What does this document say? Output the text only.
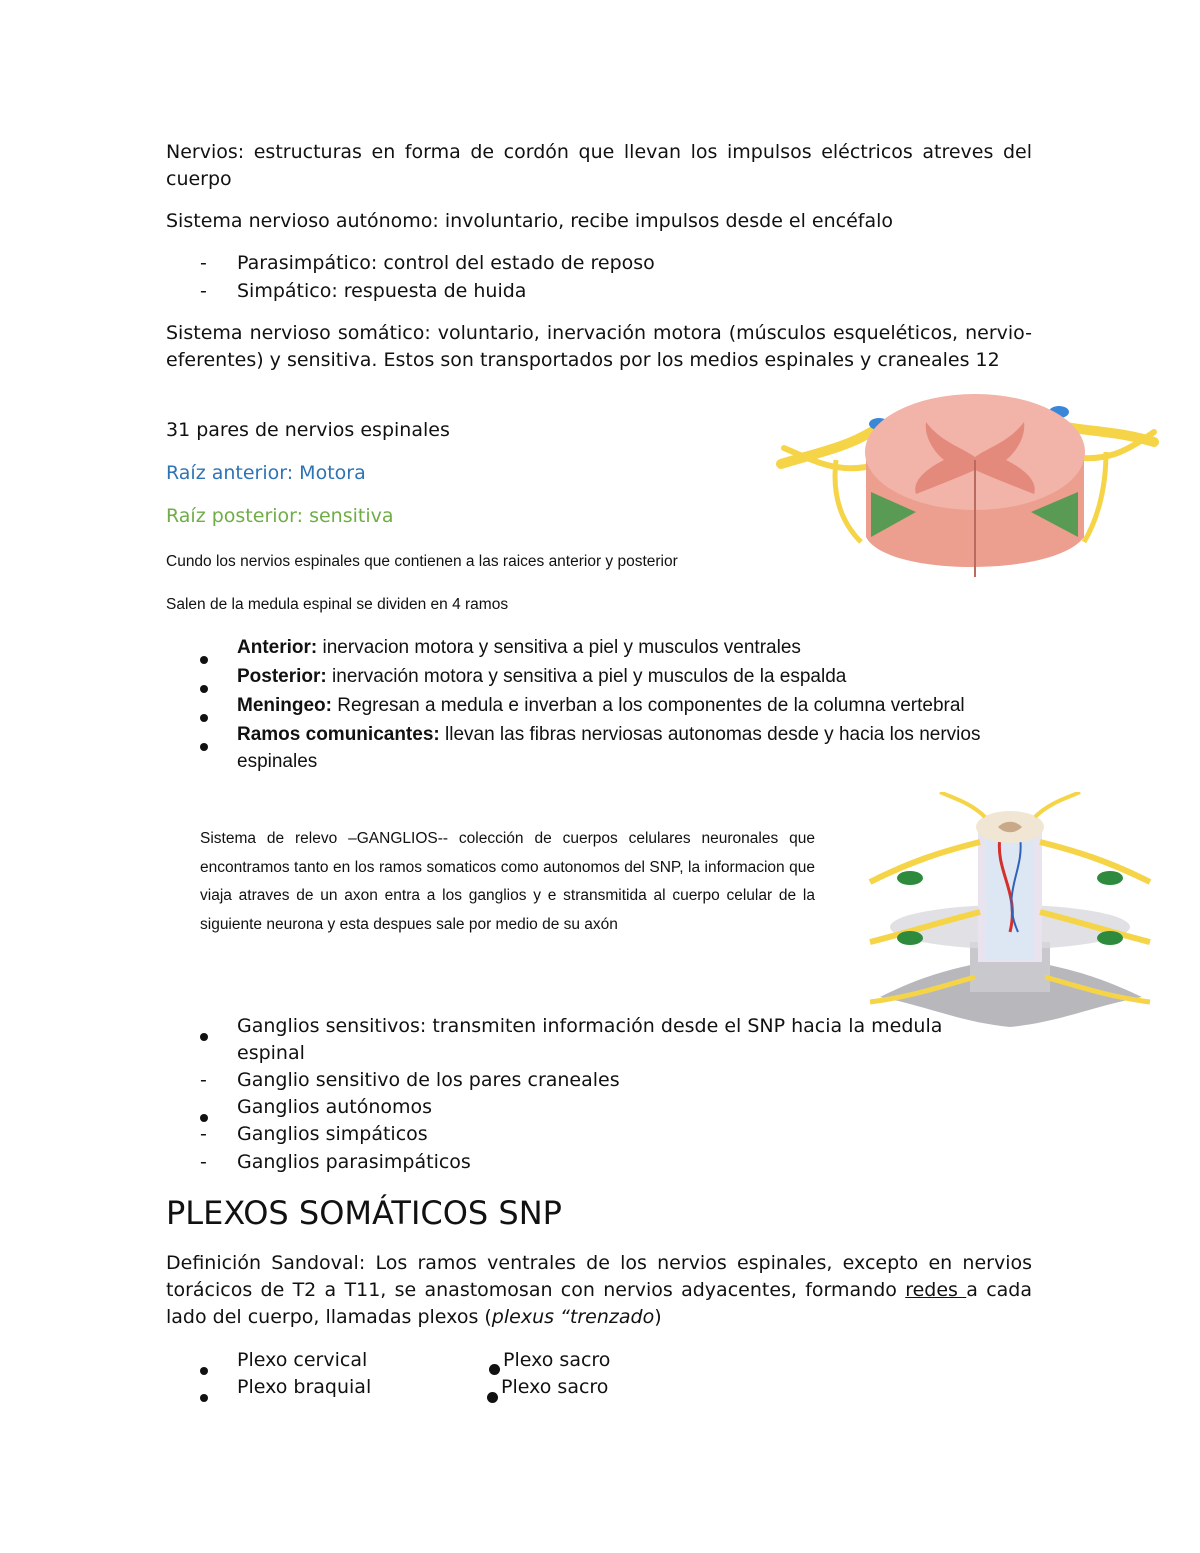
Nervios: estructuras en forma de cordón que llevan los impulsos eléctricos atreves del cuerpo
Sistema nervioso autónomo: involuntario, recibe impulsos desde el encéfalo
- Parasimpático: control del estado de reposo
- Simpático: respuesta de huida
Sistema nervioso somático: voluntario, inervación motora (músculos esqueléticos, nervio-eferentes) y sensitiva. Estos son transportados por los medios espinales y craneales 12
31 pares de nervios espinales
Raíz anterior: Motora
Raíz posterior: sensitiva
Cundo los nervios espinales que contienen a las raices anterior y posterior
Salen de la medula espinal se dividen en 4 ramos
Anterior: inervacion motora y sensitiva a piel y musculos ventrales
Posterior: inervación motora y sensitiva a piel y musculos de la espalda
Meningeo: Regresan a medula e inverban a los componentes de la columna vertebral
Ramos comunicantes: llevan las fibras nerviosas autonomas desde y hacia los nervios espinales
Sistema de relevo –GANGLIOS-- colección de cuerpos celulares neuronales que encontramos tanto en los ramos somaticos como autonomos del SNP, la informacion que viaja atraves de un axon entra a los ganglios y e stransmitida al cuerpo celular de la siguiente neurona y esta despues sale por medio de su axón
Ganglios sensitivos: transmiten información desde el SNP hacia la medula espinal
- Ganglio sensitivo de los pares craneales
Ganglios autónomos
- Ganglios simpáticos
- Ganglios parasimpáticos
PLEXOS SOMÁTICOS SNP
Definición Sandoval: Los ramos ventrales de los nervios espinales, excepto en nervios torácicos de T2 a T11, se anastomosan con nervios adyacentes, formando redes a cada lado del cuerpo, llamadas plexos (plexus “trenzado)
Plexo cervical	Plexo sacro
Plexo braquial	Plexo sacro
